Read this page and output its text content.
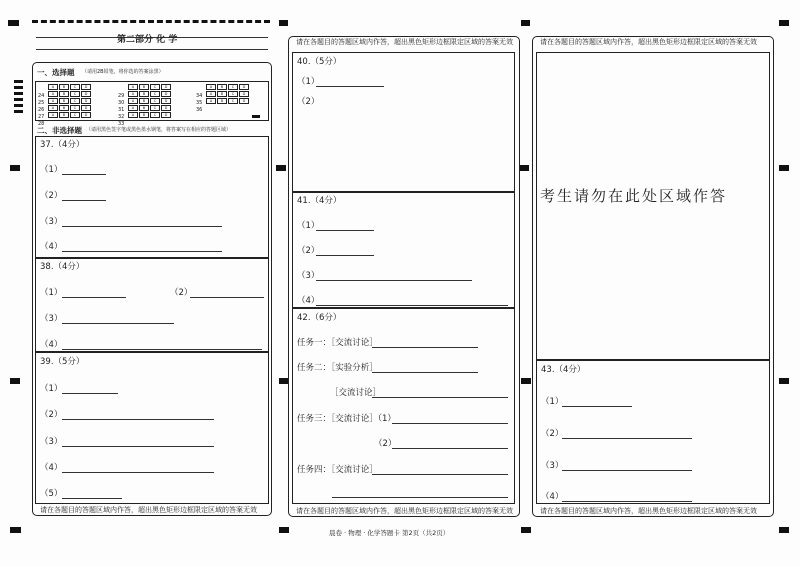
第二部分 化 学
一、选择题 （请用2B铅笔，将你选的答案涂黑）
二、非选择题 （请用黑色签字笔或黑色墨水钢笔，将答案写在相应的答题区域）
37.（4分）
（1）
（2）
（3）
（4）
38.（4分）
（1）	（2）
（3）
（4）
39.（5分）
（1）
（2）
（3）
（4）
（5）
请在各题目的答题区域内作答，超出黑色矩形边框限定区域的答案无效
请在各题目的答题区域内作答，超出黑色矩形边框限定区域的答案无效
40.（5分）
（1）
（2）
41.（4分）
（1）
（2）
（3）
（4）
42.（6分）
任务一：［交流讨论］
任务二：［实验分析］
［交流讨论］
任务三：［交流讨论］（1）
（2）
任务四：［交流讨论］
请在各题目的答题区域内作答，超出黑色矩形边框限定区域的答案无效
请在各题目的答题区域内作答，超出黑色矩形边框限定区域的答案无效
考生请勿在此处区域作答
43.（4分）
（1）
（2）
（3）
（4）
请在各题目的答题区域内作答，超出黑色矩形边框限定区域的答案无效
晨卷 · 物理 · 化学答题卡 第2页（共2页）
24A B C D
25A B C D
26A B C D
27A B C D
28A B C D
29A B C D
30A B C D
31A B C D
32A B C D
33A B C D
34A B C D
35A B C D
36A B C D
